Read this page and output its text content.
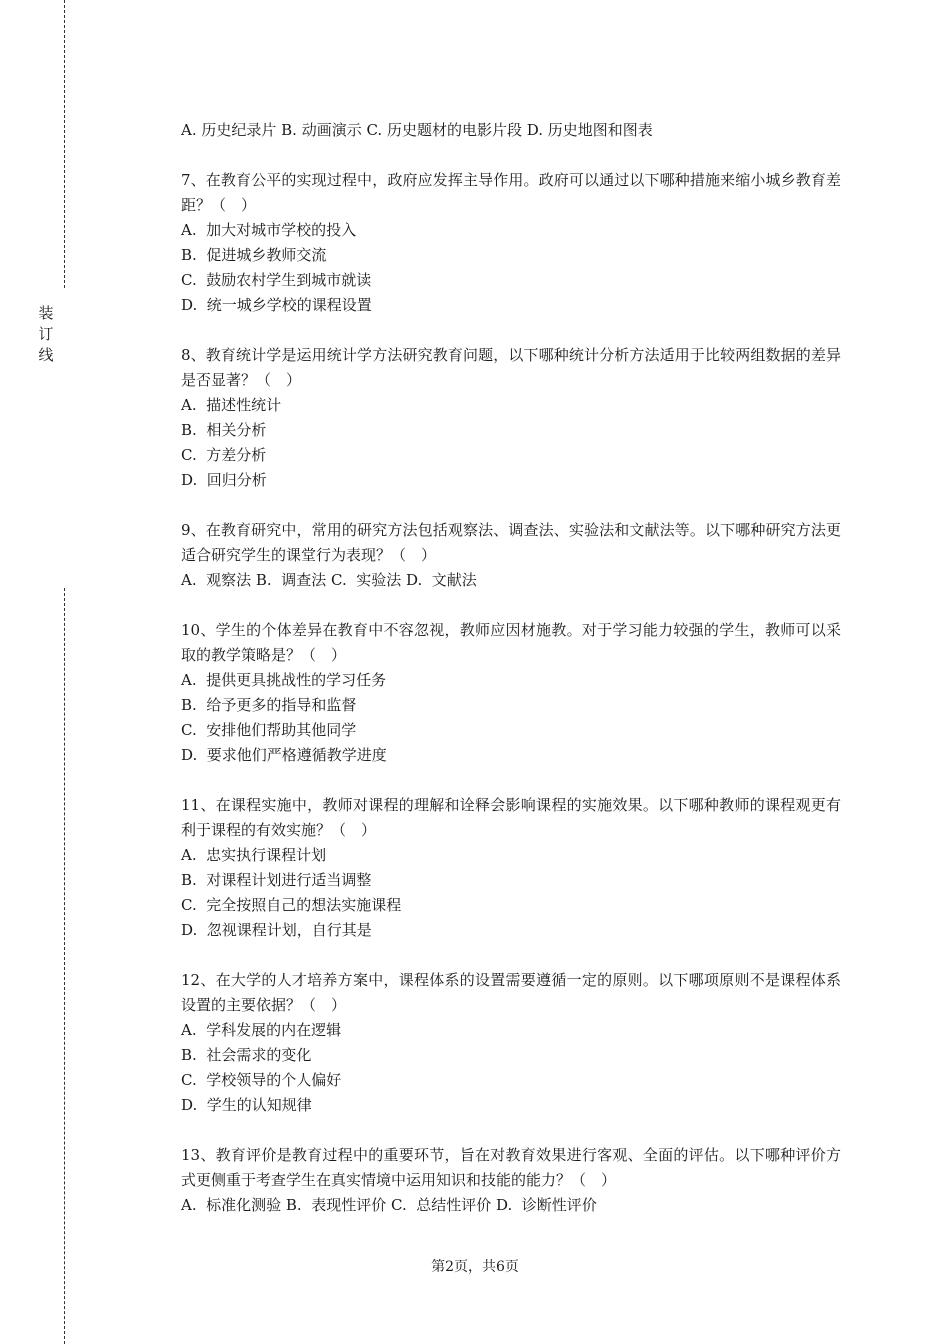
装
订
线
A. 历史纪录片 B. 动画演示 C. 历史题材的电影片段 D. 历史地图和图表
7、在教育公平的实现过程中，政府应发挥主导作用。政府可以通过以下哪种措施来缩小城乡教育差距？（　）
A.  加大对城市学校的投入
B.  促进城乡教师交流
C.  鼓励农村学生到城市就读
D.  统一城乡学校的课程设置
8、教育统计学是运用统计学方法研究教育问题，以下哪种统计分析方法适用于比较两组数据的差异是否显著？（　）
A.  描述性统计
B.  相关分析
C.  方差分析
D.  回归分析
9、在教育研究中，常用的研究方法包括观察法、调查法、实验法和文献法等。以下哪种研究方法更适合研究学生的课堂行为表现？（　）
A.  观察法 B.  调查法 C.  实验法 D.  文献法
10、学生的个体差异在教育中不容忽视，教师应因材施教。对于学习能力较强的学生，教师可以采取的教学策略是？（　）
A.  提供更具挑战性的学习任务
B.  给予更多的指导和监督
C.  安排他们帮助其他同学
D.  要求他们严格遵循教学进度
11、在课程实施中，教师对课程的理解和诠释会影响课程的实施效果。以下哪种教师的课程观更有利于课程的有效实施？（　）
A.  忠实执行课程计划
B.  对课程计划进行适当调整
C.  完全按照自己的想法实施课程
D.  忽视课程计划，自行其是
12、在大学的人才培养方案中，课程体系的设置需要遵循一定的原则。以下哪项原则不是课程体系设置的主要依据？（　）
A.  学科发展的内在逻辑
B.  社会需求的变化
C.  学校领导的个人偏好
D.  学生的认知规律
13、教育评价是教育过程中的重要环节，旨在对教育效果进行客观、全面的评估。以下哪种评价方式更侧重于考查学生在真实情境中运用知识和技能的能力？（　）
A.  标准化测验 B.  表现性评价 C.  总结性评价 D.  诊断性评价
第2页，共6页
